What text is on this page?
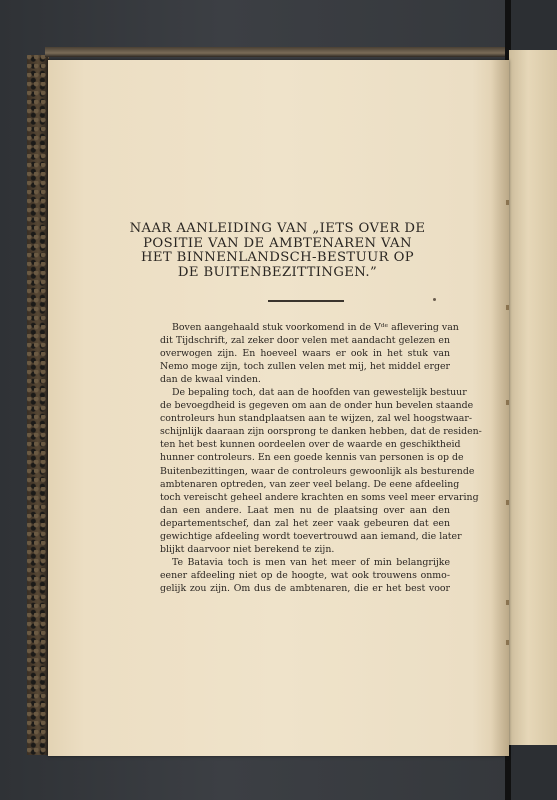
NAAR AANLEIDING VAN „IETS OVER DE
POSITIE VAN DE AMBTENAREN VAN
HET BINNENLANDSCH-BESTUUR OP
DE BUITENBEZITTINGEN.”
Boven aangehaald stuk voorkomend in de Vᵈᵉ aflevering van
dit Tijdschrift, zal zeker door velen met aandacht gelezen en
overwogen zijn. En hoeveel waars er ook in het stuk van
Nemo moge zijn, toch zullen velen met mij, het middel erger
dan de kwaal vinden.
De bepaling toch, dat aan de hoofden van gewestelijk bestuur
de bevoegdheid is gegeven om aan de onder hun bevelen staande
controleurs hun standplaatsen aan te wijzen, zal wel hoogstwaar-
schijnlijk daaraan zijn oorsprong te danken hebben, dat de residen-
ten het best kunnen oordeelen over de waarde en geschiktheid
hunner controleurs. En een goede kennis van personen is op de
Buitenbezittingen, waar de controleurs gewoonlijk als besturende
ambtenaren optreden, van zeer veel belang. De eene afdeeling
toch vereischt geheel andere krachten en soms veel meer ervaring
dan een andere. Laat men nu de plaatsing over aan den
departementschef, dan zal het zeer vaak gebeuren dat een
gewichtige afdeeling wordt toevertrouwd aan iemand, die later
blijkt daarvoor niet berekend te zijn.
Te Batavia toch is men van het meer of min belangrijke
eener afdeeling niet op de hoogte, wat ook trouwens onmo-
gelijk zou zijn. Om dus de ambtenaren, die er het best voor
